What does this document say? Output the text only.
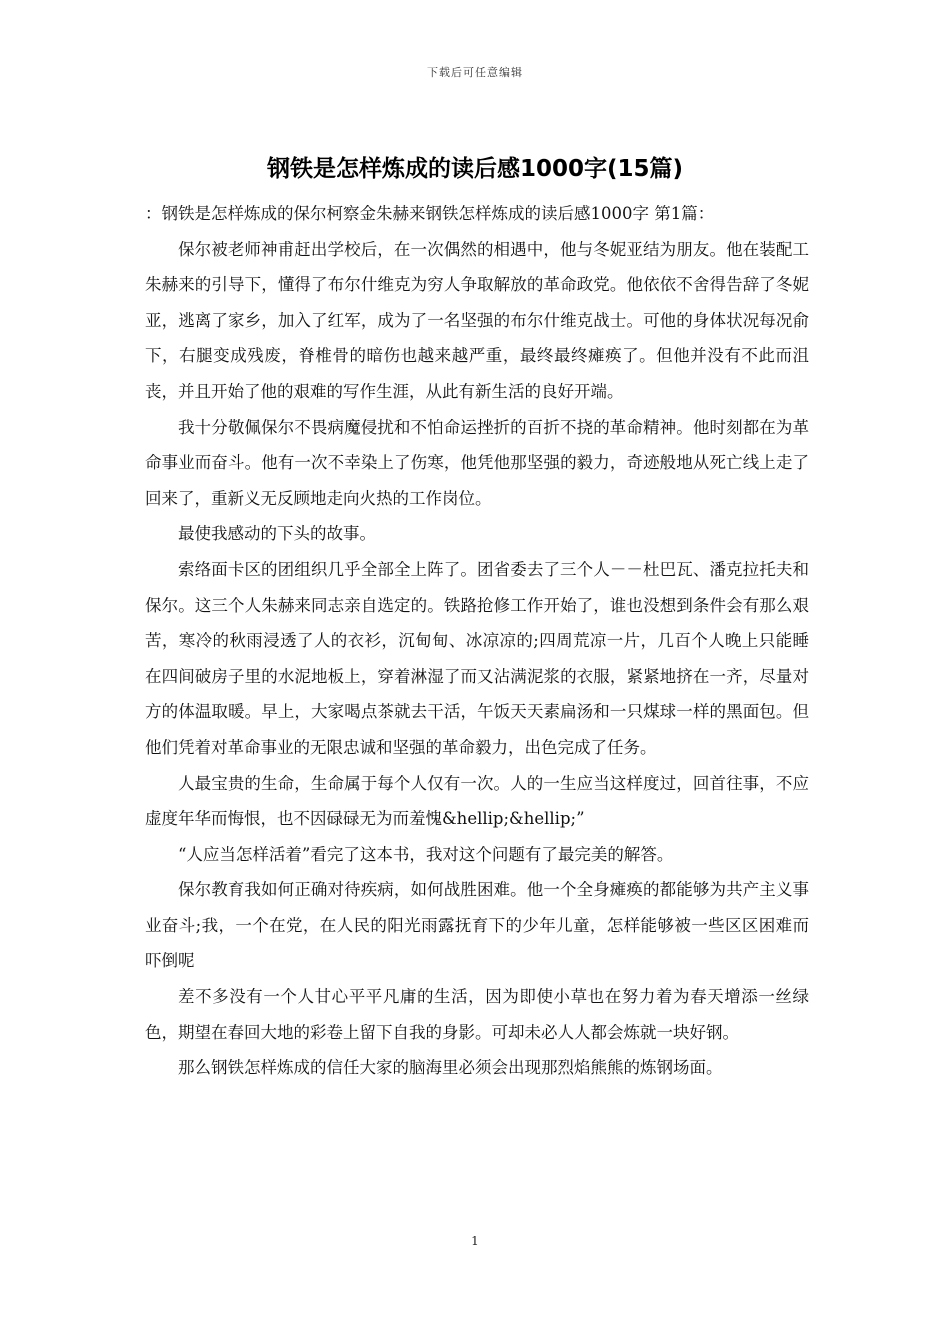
下载后可任意编辑
钢铁是怎样炼成的读后感1000字(15篇)

：钢铁是怎样炼成的保尔柯察金朱赫来钢铁怎样炼成的读后感1000字 第1篇：

保尔被老师神甫赶出学校后，在一次偶然的相遇中，他与冬妮亚结为朋友。他在装配工朱赫来的引导下，懂得了布尔什维克为穷人争取解放的革命政党。他依依不舍得告辞了冬妮亚，逃离了家乡，加入了红军，成为了一名坚强的布尔什维克战士。可他的身体状况每况俞下，右腿变成残废，脊椎骨的暗伤也越来越严重，最终最终瘫痪了。但他并没有不此而沮丧，并且开始了他的艰难的写作生涯，从此有新生活的良好开端。

我十分敬佩保尔不畏病魔侵扰和不怕命运挫折的百折不挠的革命精神。他时刻都在为革命事业而奋斗。他有一次不幸染上了伤寒，他凭他那坚强的毅力，奇迹般地从死亡线上走了回来了，重新义无反顾地走向火热的工作岗位。

最使我感动的下头的故事。

索络面卡区的团组织几乎全部全上阵了。团省委去了三个人－－杜巴瓦、潘克拉托夫和保尔。这三个人朱赫来同志亲自选定的。铁路抢修工作开始了，谁也没想到条件会有那么艰苦，寒冷的秋雨浸透了人的衣衫，沉甸甸、冰凉凉的;四周荒凉一片，几百个人晚上只能睡在四间破房子里的水泥地板上，穿着淋湿了而又沾满泥浆的衣服，紧紧地挤在一齐，尽量对方的体温取暖。早上，大家喝点茶就去干活，午饭天天素扁汤和一只煤球一样的黑面包。但他们凭着对革命事业的无限忠诚和坚强的革命毅力，出色完成了任务。

人最宝贵的生命，生命属于每个人仅有一次。人的一生应当这样度过，回首往事，不应虚度年华而悔恨，也不因碌碌无为而羞愧&hellip;&hellip;”

“人应当怎样活着”看完了这本书，我对这个问题有了最完美的解答。

保尔教育我如何正确对待疾病，如何战胜困难。他一个全身瘫痪的都能够为共产主义事业奋斗;我，一个在党，在人民的阳光雨露抚育下的少年儿童，怎样能够被一些区区困难而吓倒呢

差不多没有一个人甘心平平凡庸的生活，因为即使小草也在努力着为春天增添一丝绿色，期望在春回大地的彩卷上留下自我的身影。可却未必人人都会炼就一块好钢。

那么钢铁怎样炼成的信任大家的脑海里必须会出现那烈焰熊熊的炼钢场面。

1
